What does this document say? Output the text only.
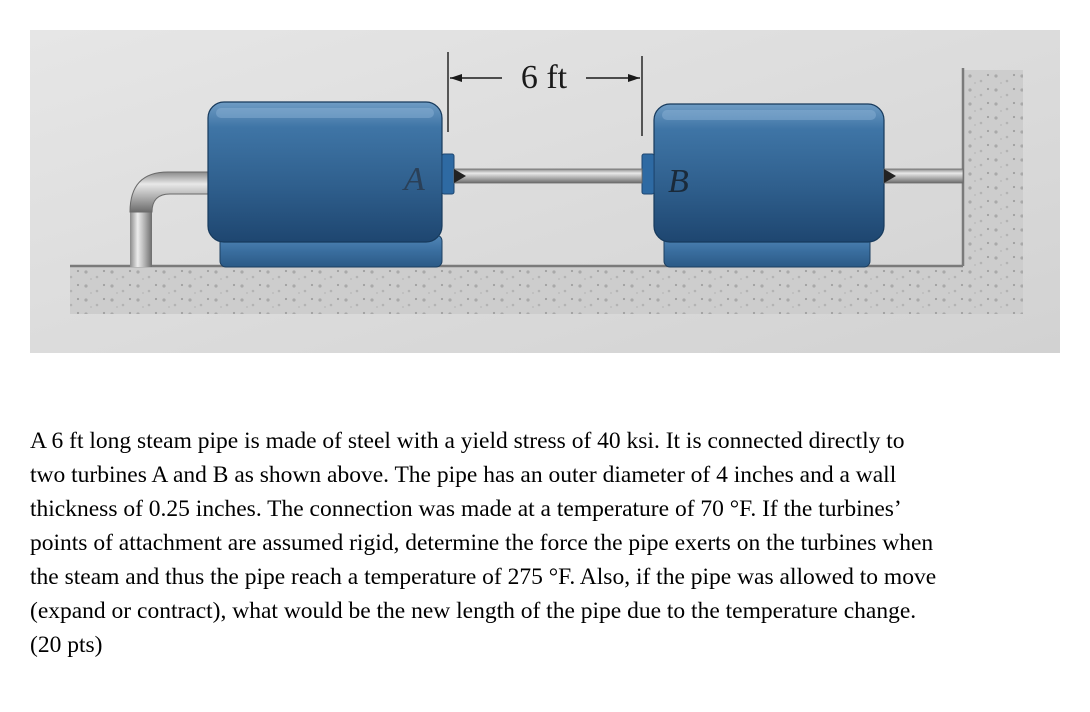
6 ft
A	B

A 6 ft long steam pipe is made of steel with a yield stress of 40 ksi. It is connected directly to
two turbines A and B as shown above. The pipe has an outer diameter of 4 inches and a wall
thickness of 0.25 inches. The connection was made at a temperature of 70 °F. If the turbines’
points of attachment are assumed rigid, determine the force the pipe exerts on the turbines when
the steam and thus the pipe reach a temperature of 275 °F. Also, if the pipe was allowed to move
(expand or contract), what would be the new length of the pipe due to the temperature change.
(20 pts)
